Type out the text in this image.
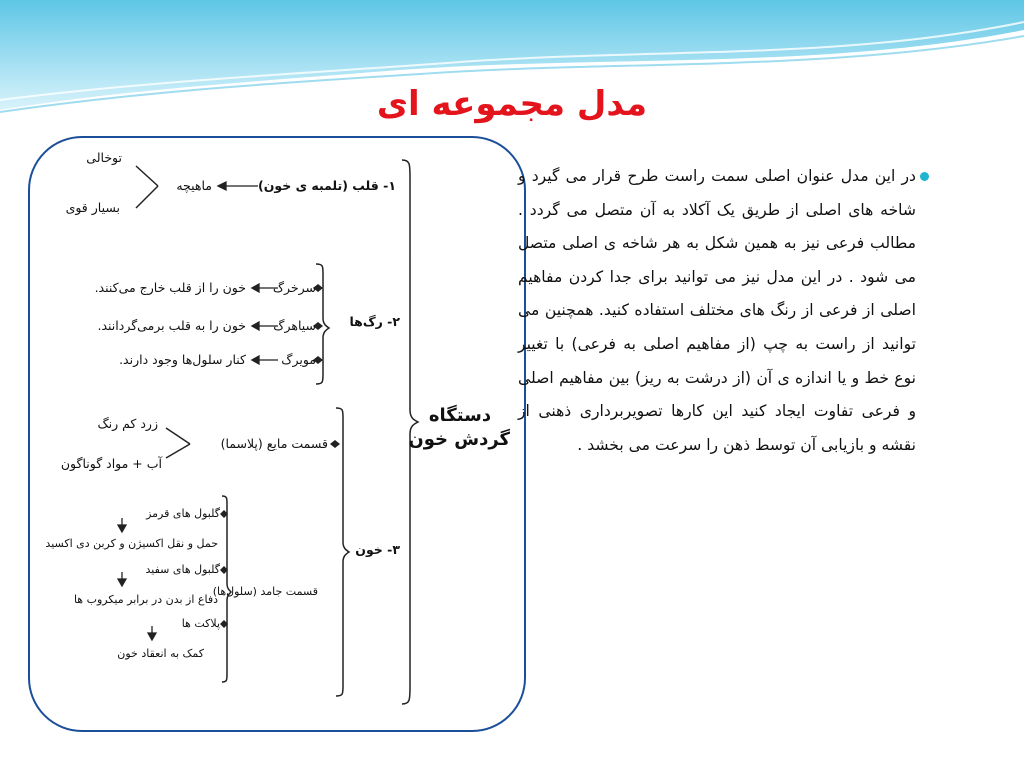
مدل مجموعه ای
دستگاه
گردش خون
۱- قلب (تلمبه ی خون)
ماهیچه
توخالی
بسیار قوی
۲- رگ‌ها
سرخرگ
خون را از قلب خارج می‌کنند.
سیاهرگ
خون را به قلب برمی‌گردانند.
مویرگ
کنار سلول‌ها وجود دارند.
۳- خون
قسمت مایع (پلاسما)
زرد کم رنگ
آب + مواد گوناگون
قسمت جامد (سلول‌ها)
گلبول های قرمز
حمل و نقل اکسیژن و کربن دی اکسید
گلبول های سفید
دفاع از بدن در برابر میکروب ها
پلاکت ها
کمک به انعقاد خون
در این مدل عنوان اصلی سمت راست طرح قرار می گیرد و شاخه های اصلی از طریق یک آکلاد به آن متصل می گردد . مطالب فرعی نیز به همین شکل به هر شاخه ی اصلی متصل می شود . در این مدل نیز می توانید برای جدا کردن مفاهیم اصلی از فرعی از رنگ های مختلف استفاده کنید. همچنین می توانید از راست به چپ (از مفاهیم اصلی به فرعی) با تغییر نوع خط و یا اندازه ی آن (از درشت به ریز) بین مفاهیم اصلی و فرعی تفاوت ایجاد کنید این کارها تصویربرداری ذهنی از نقشه و بازیابی آن توسط ذهن را سرعت می بخشد .
